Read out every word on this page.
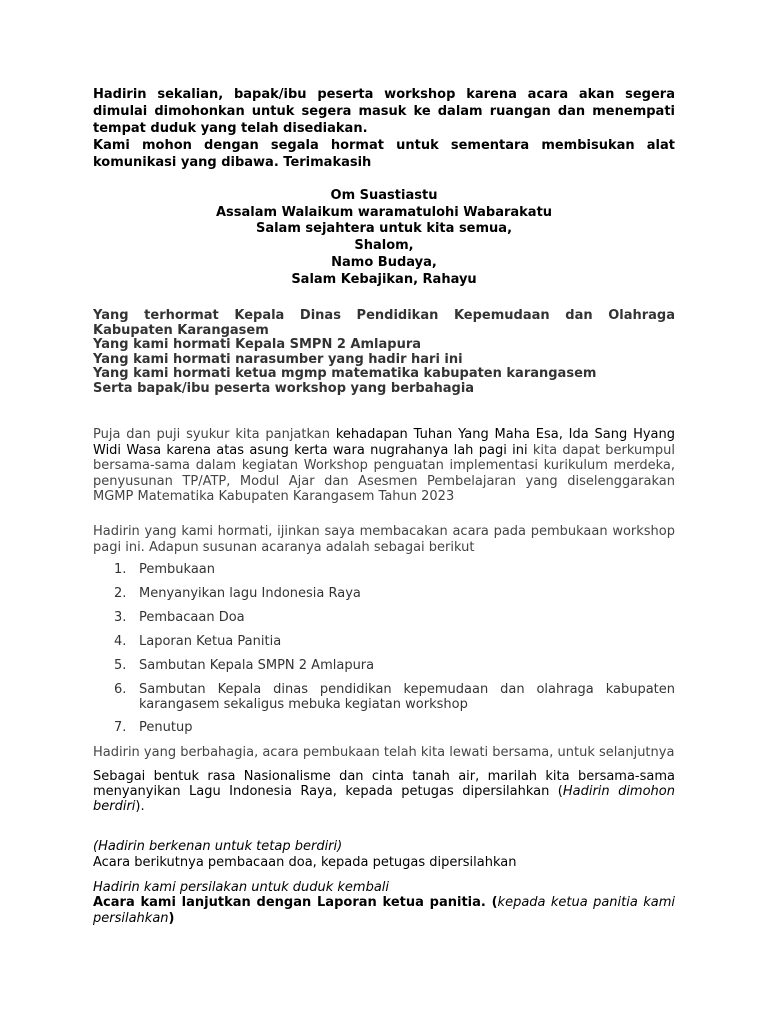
Hadirin sekalian, bapak/ibu peserta workshop karena acara akan segera dimulai dimohonkan untuk segera masuk ke dalam ruangan dan menempati tempat duduk yang telah disediakan.

Kami mohon dengan segala hormat untuk sementara membisukan alat komunikasi yang dibawa. Terimakasih

Om Suastiastu

Assalam Walaikum waramatulohi Wabarakatu

Salam sejahtera untuk kita semua,

Shalom,

Namo Budaya,

Salam Kebajikan, Rahayu

Yang terhormat Kepala Dinas Pendidikan Kepemudaan dan Olahraga Kabupaten Karangasem

Yang kami hormati Kepala SMPN 2 Amlapura

Yang kami hormati narasumber yang hadir hari ini

Yang kami hormati ketua mgmp matematika kabupaten karangasem

Serta bapak/ibu peserta workshop yang berbahagia

Puja dan puji syukur kita panjatkan kehadapan Tuhan Yang Maha Esa, Ida Sang Hyang Widi Wasa karena atas asung kerta wara nugrahanya lah pagi ini kita dapat berkumpul bersama-sama dalam kegiatan Workshop penguatan implementasi kurikulum merdeka, penyusunan TP/ATP, Modul Ajar dan Asesmen Pembelajaran yang diselenggarakan MGMP Matematika Kabupaten Karangasem Tahun 2023

Hadirin yang kami hormati, ijinkan saya membacakan acara pada pembukaan workshop pagi ini. Adapun susunan acaranya adalah sebagai berikut

1. Pembukaan
2. Menyanyikan lagu Indonesia Raya
3. Pembacaan Doa
4. Laporan Ketua Panitia
5. Sambutan Kepala SMPN 2 Amlapura
6. Sambutan Kepala dinas pendidikan kepemudaan dan olahraga kabupaten karangasem sekaligus mebuka kegiatan workshop
7. Penutup

Hadirin yang berbahagia, acara pembukaan telah kita lewati bersama, untuk selanjutnya

Sebagai bentuk rasa Nasionalisme dan cinta tanah air, marilah kita bersama-sama menyanyikan Lagu Indonesia Raya, kepada petugas dipersilahkan (Hadirin dimohon berdiri).

(Hadirin berkenan untuk tetap berdiri)

Acara berikutnya pembacaan doa, kepada petugas dipersilahkan

Hadirin kami persilakan untuk duduk kembali

Acara kami lanjutkan dengan Laporan ketua panitia. (kepada ketua panitia kami persilahkan)
